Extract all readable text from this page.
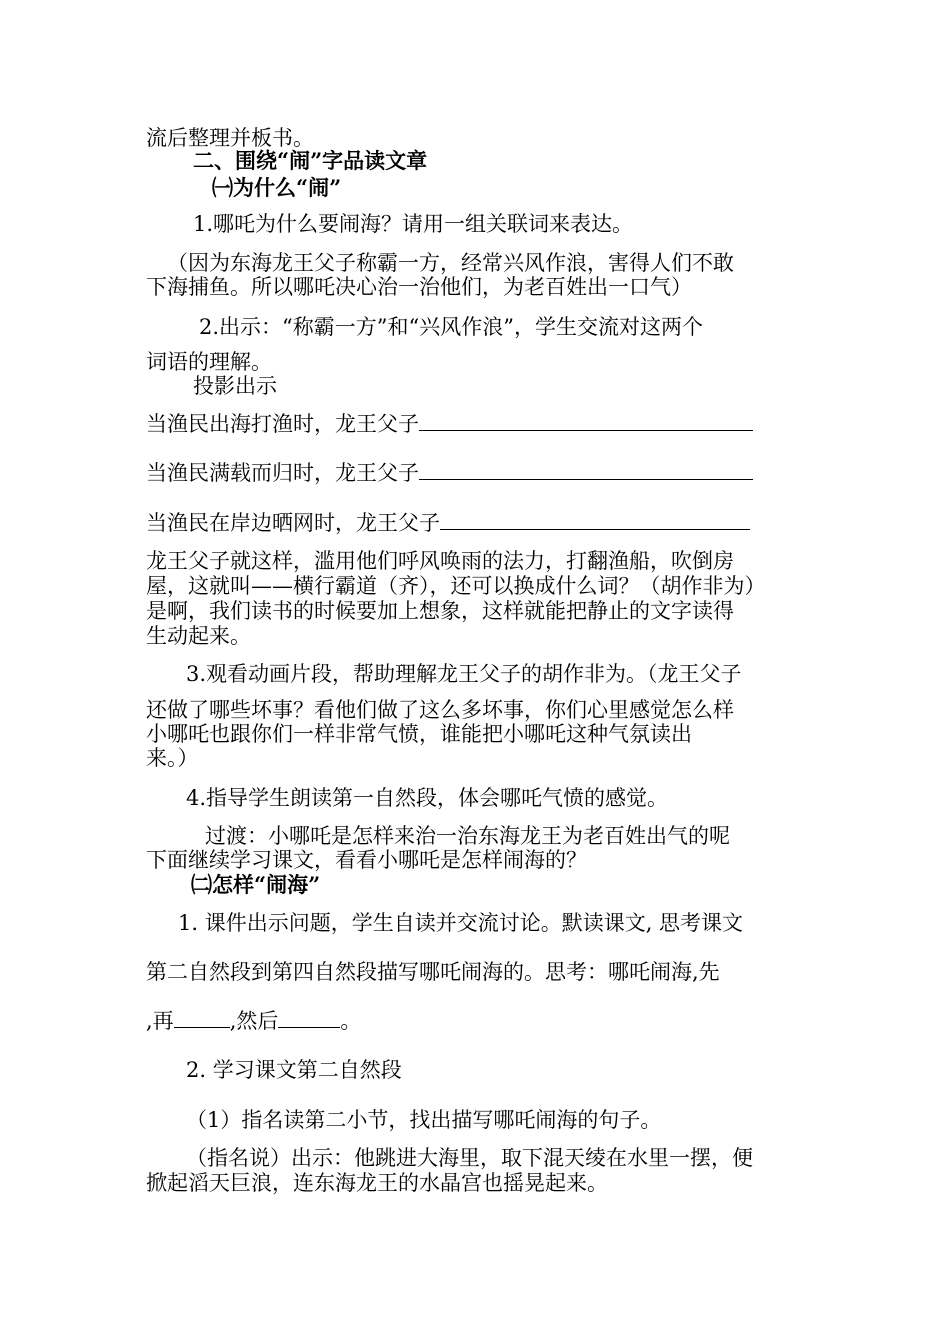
流后整理并板书。

二、围绕“闹”字品读文章

㈠为什么“闹”

1.哪吒为什么要闹海？请用一组关联词来表达。

（因为东海龙王父子称霸一方，经常兴风作浪，害得人们不敢

下海捕鱼。所以哪吒决心治一治他们，为老百姓出一口气）

2.出示：“称霸一方”和“兴风作浪”，学生交流对这两个

词语的理解。

投影出示

当渔民出海打渔时，龙王父子

当渔民满载而归时，龙王父子

当渔民在岸边晒网时，龙王父子

龙王父子就这样，滥用他们呼风唤雨的法力，打翻渔船，吹倒房

屋，这就叫——横行霸道（齐），还可以换成什么词？（胡作非为）

是啊，我们读书的时候要加上想象，这样就能把静止的文字读得

生动起来。

3.观看动画片段，帮助理解龙王父子的胡作非为。（龙王父子

还做了哪些坏事？看他们做了这么多坏事，你们心里感觉怎么样

小哪吒也跟你们一样非常气愤，谁能把小哪吒这种气氛读出

来。）

4.指导学生朗读第一自然段，体会哪吒气愤的感觉。

过渡：小哪吒是怎样来治一治东海龙王为老百姓出气的呢

下面继续学习课文，看看小哪吒是怎样闹海的？

㈡怎样“闹海”

1. 课件出示问题，学生自读并交流讨论。默读课文, 思考课文

第二自然段到第四自然段描写哪吒闹海的。思考：哪吒闹海,先

,再	,然后	。

2. 学习课文第二自然段

（1）指名读第二小节，找出描写哪吒闹海的句子。

（指名说）出示：他跳进大海里，取下混天绫在水里一摆，便

掀起滔天巨浪，连东海龙王的水晶宫也摇晃起来。
